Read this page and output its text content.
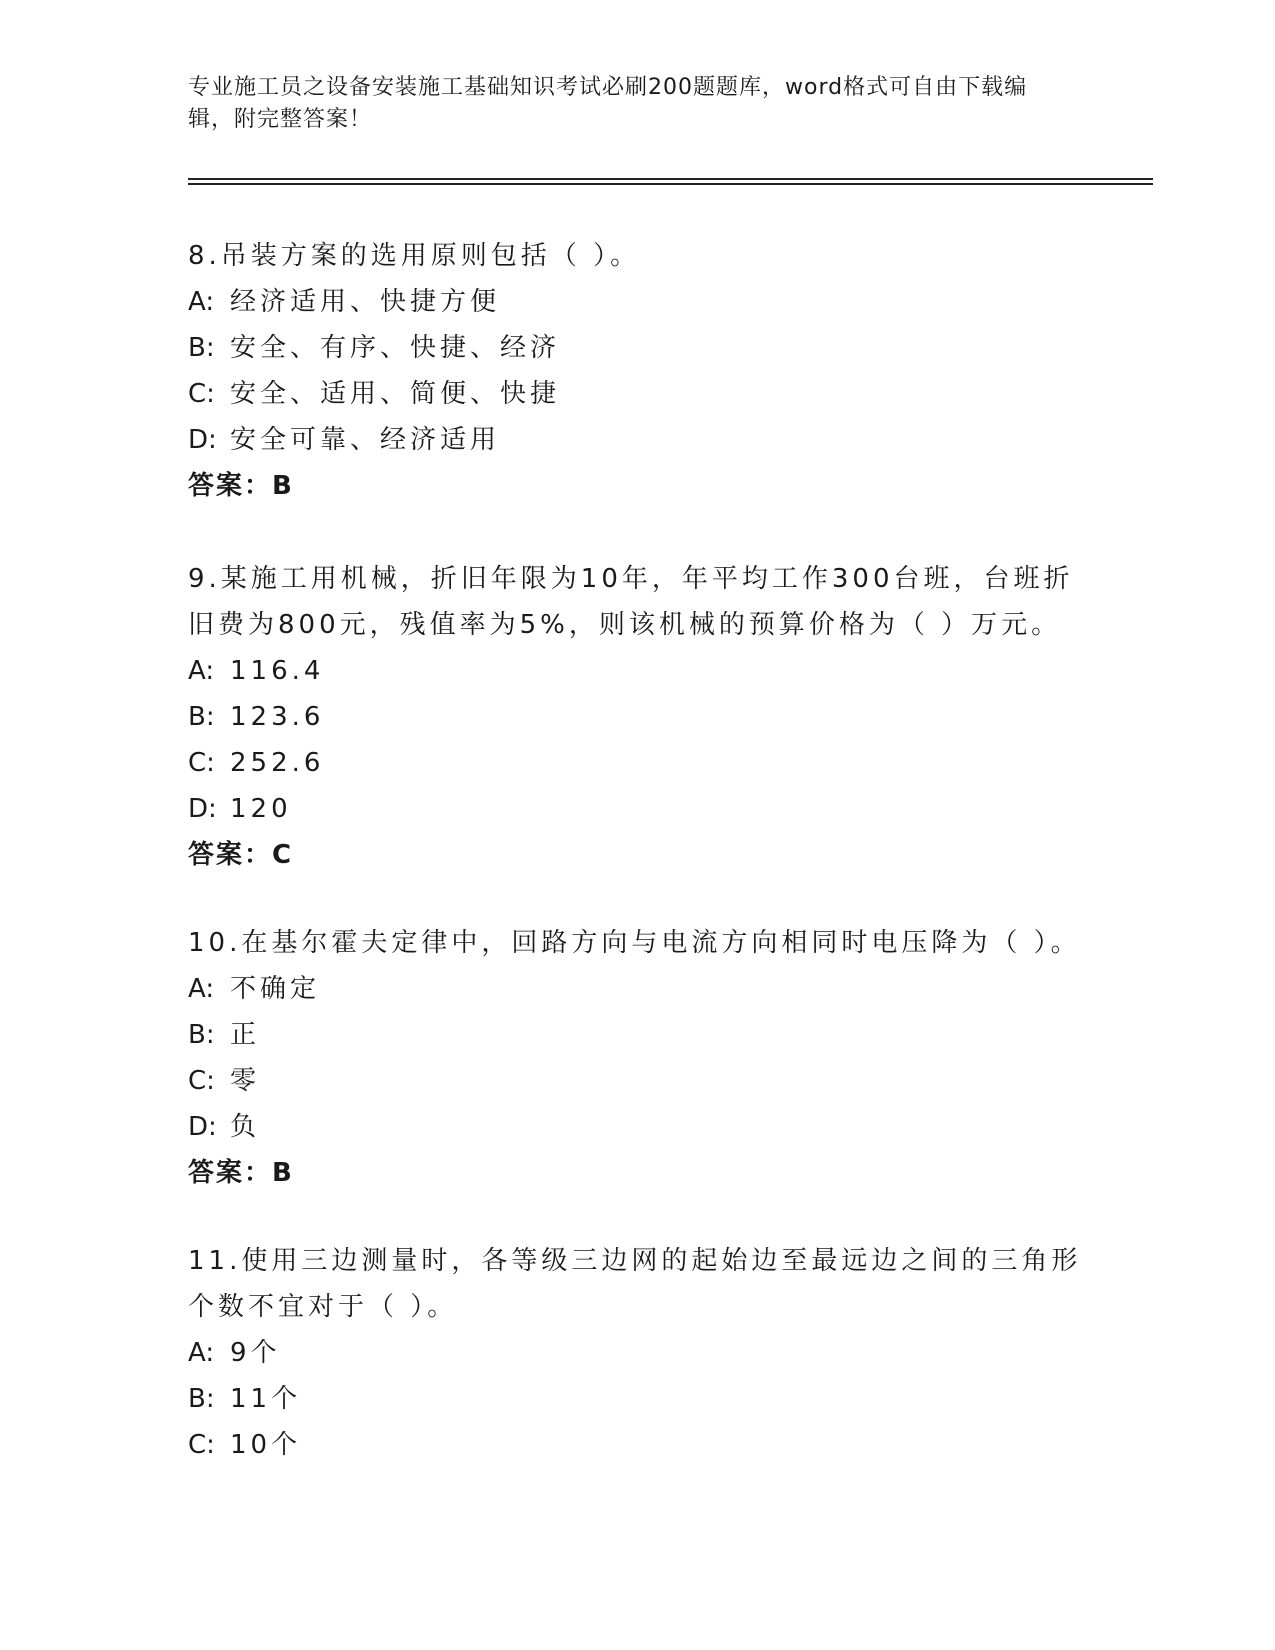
专业施工员之设备安装施工基础知识考试必刷200题题库，word格式可自由下载编辑，附完整答案！
8.吊装方案的选用原则包括（ ）。
A: 经济适用、快捷方便
B: 安全、有序、快捷、经济
C: 安全、适用、简便、快捷
D: 安全可靠、经济适用
答案：B
9.某施工用机械，折旧年限为10年，年平均工作300台班，台班折旧费为800元，残值率为5%，则该机械的预算价格为（ ）万元。
A: 116.4
B: 123.6
C: 252.6
D: 120
答案：C
10.在基尔霍夫定律中，回路方向与电流方向相同时电压降为（ ）。
A: 不确定
B: 正
C: 零
D: 负
答案：B
11.使用三边测量时，各等级三边网的起始边至最远边之间的三角形个数不宜对于（ ）。
A: 9个
B: 11个
C: 10个
